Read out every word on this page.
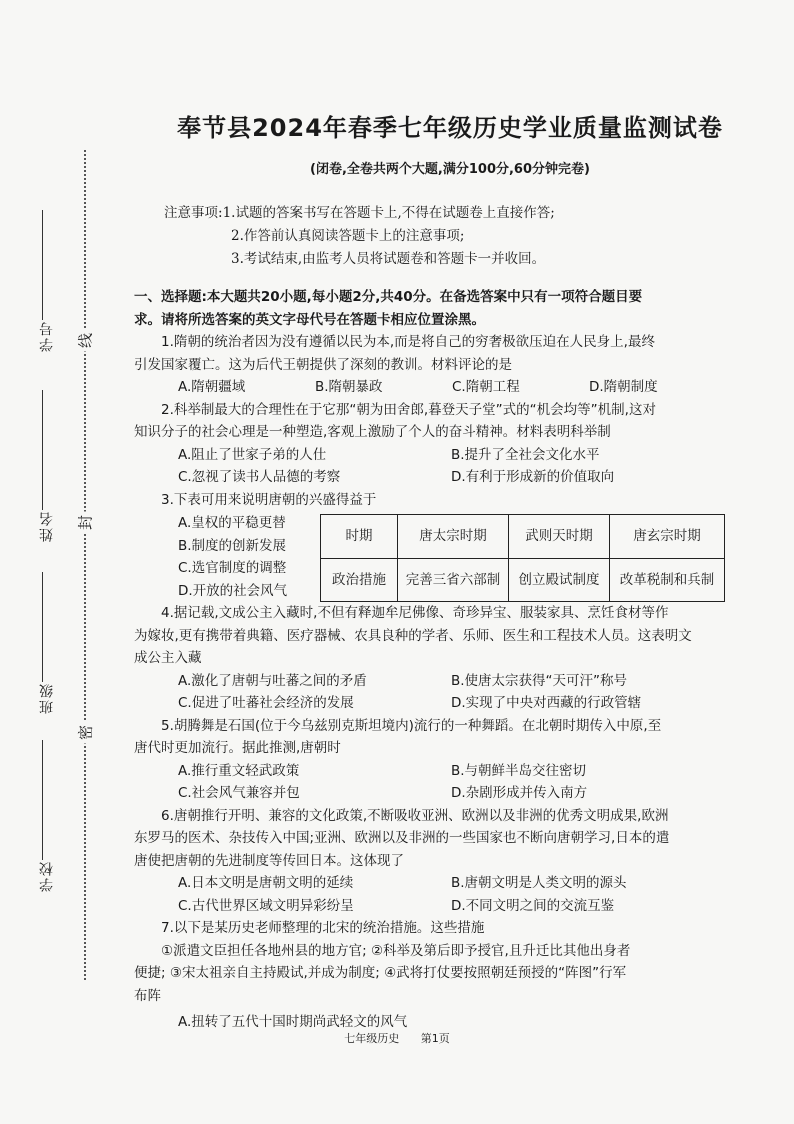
学号
姓名
班级
学校
线
封
密
奉节县2024年春季七年级历史学业质量监测试卷
(闭卷,全卷共两个大题,满分100分,60分钟完卷)
注意事项:1.试题的答案书写在答题卡上,不得在试题卷上直接作答;
2.作答前认真阅读答题卡上的注意事项;
3.考试结束,由监考人员将试题卷和答题卡一并收回。
一、选择题:本大题共20小题,每小题2分,共40分。在备选答案中只有一项符合题目要
求。请将所选答案的英文字母代号在答题卡相应位置涂黑。
1.隋朝的统治者因为没有遵循以民为本,而是将自己的穷奢极欲压迫在人民身上,最终
引发国家覆亡。这为后代王朝提供了深刻的教训。材料评论的是
A.隋朝疆域	B.隋朝暴政	C.隋朝工程	D.隋朝制度
2.科举制最大的合理性在于它那“朝为田舍郎,暮登天子堂”式的“机会均等”机制,这对
知识分子的社会心理是一种塑造,客观上激励了个人的奋斗精神。材料表明科举制
A.阻止了世家子弟的人仕	B.提升了全社会文化水平
C.忽视了读书人品德的考察	D.有利于形成新的价值取向
3.下表可用来说明唐朝的兴盛得益于
A.皇权的平稳更替
B.制度的创新发展
C.选官制度的调整
D.开放的社会风气
时期	唐太宗时期	武则天时期	唐玄宗时期
政治措施	完善三省六部制	创立殿试制度	改革税制和兵制
4.据记载,文成公主入藏时,不但有释迦牟尼佛像、奇珍异宝、服装家具、烹饪食材等作
为嫁妆,更有携带着典籍、医疗器械、农具良种的学者、乐师、医生和工程技术人员。这表明文
成公主入藏
A.激化了唐朝与吐蕃之间的矛盾	B.使唐太宗获得“天可汗”称号
C.促进了吐蕃社会经济的发展	D.实现了中央对西藏的行政管辖
5.胡腾舞是石国(位于今乌兹别克斯坦境内)流行的一种舞蹈。在北朝时期传入中原,至
唐代时更加流行。据此推测,唐朝时
A.推行重文轻武政策	B.与朝鲜半岛交往密切
C.社会风气兼容并包	D.杂剧形成并传入南方
6.唐朝推行开明、兼容的文化政策,不断吸收亚洲、欧洲以及非洲的优秀文明成果,欧洲
东罗马的医术、杂技传入中国;亚洲、欧洲以及非洲的一些国家也不断向唐朝学习,日本的遣
唐使把唐朝的先进制度等传回日本。这体现了
A.日本文明是唐朝文明的延续	B.唐朝文明是人类文明的源头
C.古代世界区域文明异彩纷呈	D.不同文明之间的交流互鉴
7.以下是某历史老师整理的北宋的统治措施。这些措施
①派遣文臣担任各地州县的地方官; ②科举及第后即予授官,且升迁比其他出身者
便捷; ③宋太祖亲自主持殿试,并成为制度; ④武将打仗要按照朝廷预授的“阵图”行军
布阵
A.扭转了五代十国时期尚武轻文的风气
七年级历史 第1页
